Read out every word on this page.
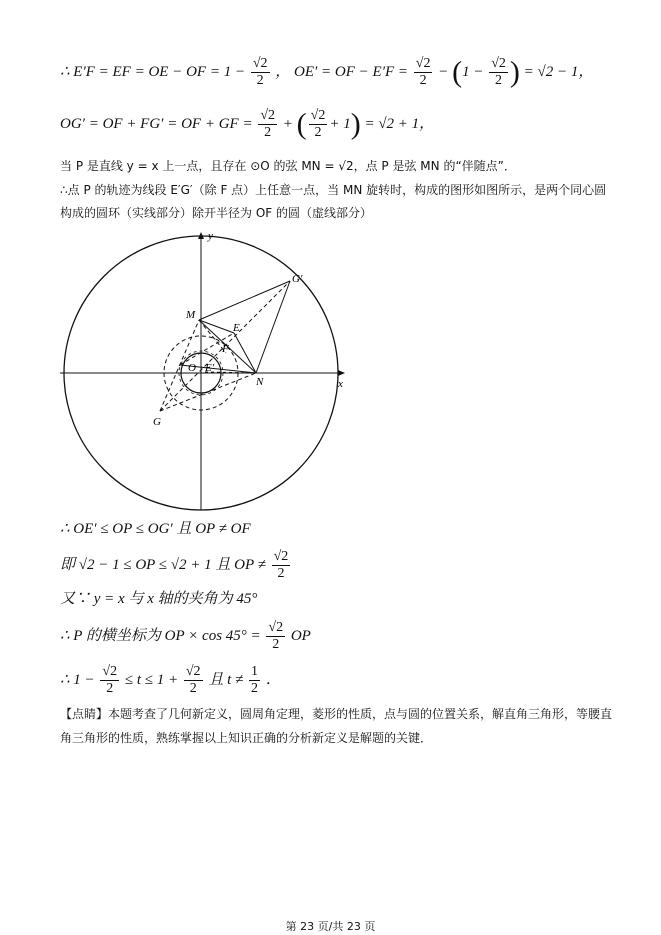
∴ E′F = EF = OE − OF = $1 - \frac{√2}{2}$ ， OE′ = OF − $E'F = \frac{√2}{2} - (1 - \frac{√2}{2}$ ) = √2 − 1，
OG′ = OF + FG′ = OF + GF = $\frac{√2}{2}$ + ( $\frac{√2}{2} + 1) = √2 + 1$，
当 P 是直线 y = x 上一点，且存在 ⊙O 的弦 MN = √2，点 P 是弦 MN 的“伴随点”．
∴点 P 的轨迹为线段 E′G′（除 F 点）上任意一点，当 MN 旋转时，构成的图形如图所示，是两个同心圆
构成的圆环（实线部分）除开半径为 OF 的圆（虚线部分）
y
x
G′
M
E
F
O E′
N
G
∴ OE′ ≤ OP ≤ OG′ 且 OP ≠ OF
即 √2 − 1 ≤ OP ≤ √2 + 1 且 OP ≠ $\frac{√2}{2}$
又∵ y = x 与 x 轴的夹角为 45°
∴ P 的横坐标为 OP × $\cos 45^\circ = \frac{√2}{2}$ OP
∴ $1 - \frac{√2}{2} \le t \le 1 + \frac{√2}{2}$ 且 $t \ne \frac{1}{2}$ ．
【点睛】本题考查了几何新定义，圆周角定理，菱形的性质，点与圆的位置关系，解直角三角形，等腰直
角三角形的性质，熟练掌握以上知识正确的分析新定义是解题的关键．
第 23 页/共 23 页
